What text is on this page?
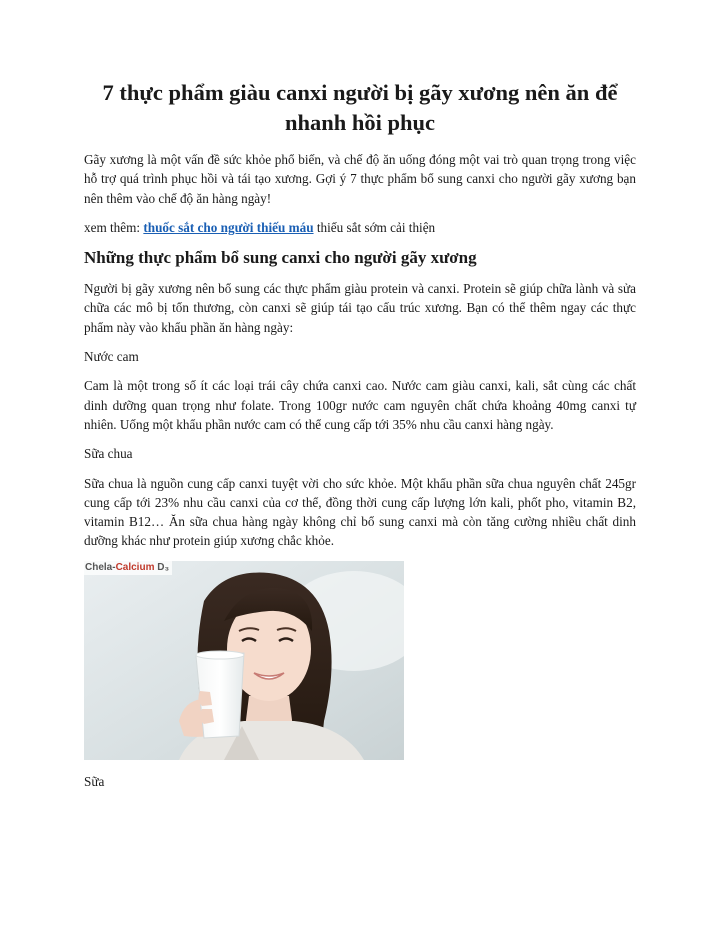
7 thực phẩm giàu canxi người bị gãy xương nên ăn để nhanh hồi phục

Gãy xương là một vấn đề sức khỏe phổ biến, và chế độ ăn uống đóng một vai trò quan trọng trong việc hỗ trợ quá trình phục hồi và tái tạo xương. Gợi ý 7 thực phẩm bổ sung canxi cho người gãy xương bạn nên thêm vào chế độ ăn hàng ngày!

xem thêm: thuốc sắt cho người thiếu máu thiếu sắt sớm cải thiện

Những thực phẩm bổ sung canxi cho người gãy xương

Người bị gãy xương nên bổ sung các thực phẩm giàu protein và canxi. Protein sẽ giúp chữa lành và sửa chữa các mô bị tổn thương, còn canxi sẽ giúp tái tạo cấu trúc xương. Bạn có thể thêm ngay các thực phẩm này vào khẩu phần ăn hàng ngày:

Nước cam

Cam là một trong số ít các loại trái cây chứa canxi cao. Nước cam giàu canxi, kali, sắt cùng các chất dinh dưỡng quan trọng như folate. Trong 100gr nước cam nguyên chất chứa khoảng 40mg canxi tự nhiên. Uống một khẩu phần nước cam có thể cung cấp tới 35% nhu cầu canxi hàng ngày.

Sữa chua

Sữa chua là nguồn cung cấp canxi tuyệt vời cho sức khỏe. Một khẩu phần sữa chua nguyên chất 245gr cung cấp tới 23% nhu cầu canxi của cơ thể, đồng thời cung cấp lượng lớn kali, phốt pho, vitamin B2, vitamin B12… Ăn sữa chua hàng ngày không chỉ bổ sung canxi mà còn tăng cường nhiều chất dinh dưỡng khác như protein giúp xương chắc khỏe.

Chela-Calcium D₃

Sữa
